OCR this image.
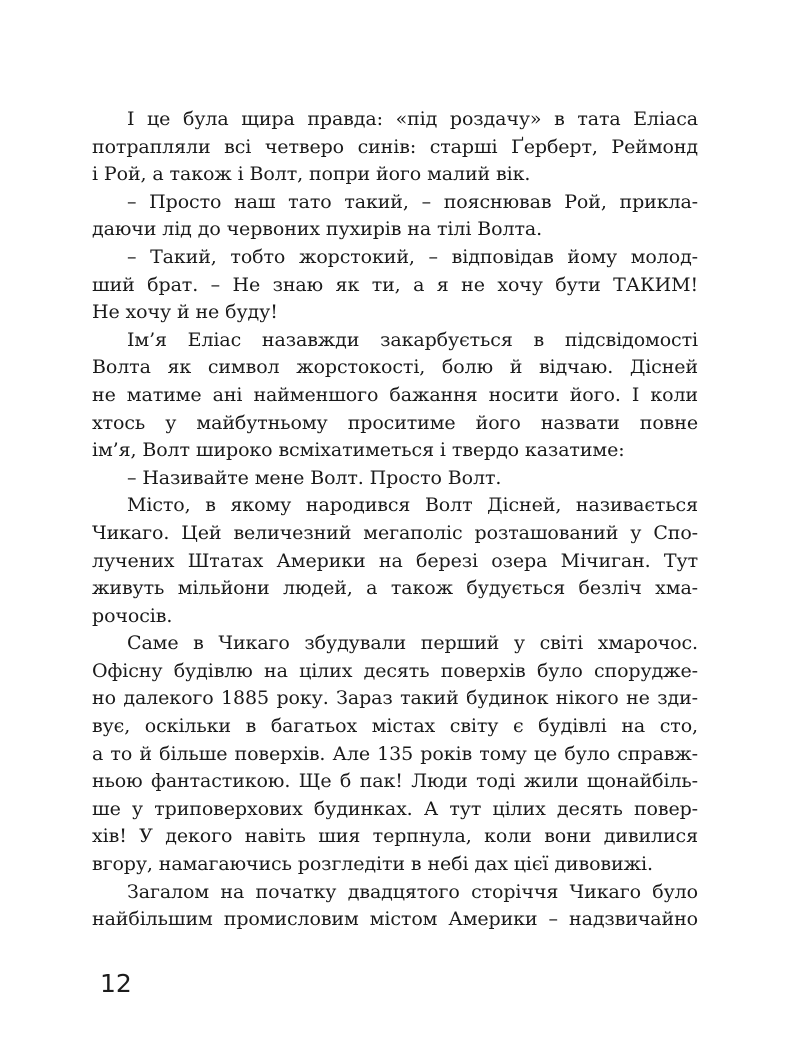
І це була щира правда: «під роздачу» в тата Еліаса
потрапляли всі четверо синів: старші Ґерберт, Реймонд
і Рой, а також і Волт, попри його малий вік.
– Просто наш тато такий, – пояснював Рой, прикла-
даючи лід до червоних пухирів на тілі Волта.
– Такий, тобто жорстокий, – відповідав йому молод-
ший брат. – Не знаю як ти, а я не хочу бути ТАКИМ!
Не хочу й не буду!
Ім’я Еліас назавжди закарбується в підсвідомості
Волта як символ жорстокості, болю й відчаю. Дісней
не матиме ані найменшого бажання носити його. І коли
хтось у майбутньому проситиме його назвати повне
ім’я, Волт широко всміхатиметься і твердо казатиме:
– Називайте мене Волт. Просто Волт.
Місто, в якому народився Волт Дісней, називається
Чикаго. Цей величезний мегаполіс розташований у Спо-
лучених Штатах Америки на березі озера Мічиган. Тут
живуть мільйони людей, а також будується безліч хма-
рочосів.
Саме в Чикаго збудували перший у світі хмарочос.
Офісну будівлю на цілих десять поверхів було спорудже-
но далекого 1885 року. Зараз такий будинок нікого не зди-
вує, оскільки в багатьох містах світу є будівлі на сто,
а то й більше поверхів. Але 135 років тому це було справж-
ньою фантастикою. Ще б пак! Люди тоді жили щонайбіль-
ше у триповерхових будинках. А тут цілих десять повер-
хів! У декого навіть шия терпнула, коли вони дивилися
вгору, намагаючись розгледіти в небі дах цієї дивовижі.
Загалом на початку двадцятого сторіччя Чикаго було
найбільшим промисловим містом Америки – надзвичайно
12
